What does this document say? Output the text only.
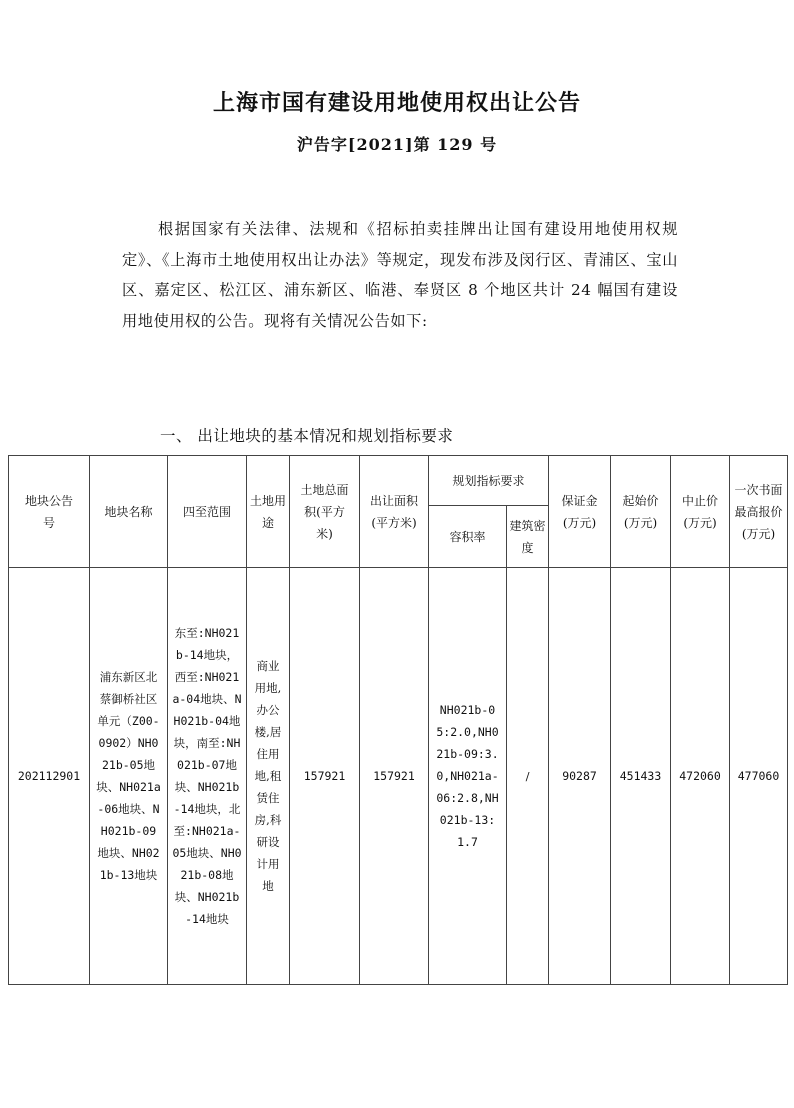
上海市国有建设用地使用权出让公告
沪告字[2021]第 129 号

根据国家有关法律、法规和《招标拍卖挂牌出让国有建设用地使用权规定》、《上海市土地使用权出让办法》等规定，现发布涉及闵行区、青浦区、宝山区、嘉定区、松江区、浦东新区、临港、奉贤区 8 个地区共计 24 幅国有建设用地使用权的公告。现将有关情况公告如下:

一、 出让地块的基本情况和规划指标要求
地块公告号	地块名称	四至范围	土地用途	土地总面积(平方米)	出让面积(平方米)	规划指标要求		保证金(万元)	起始价(万元)	中止价(万元)	一次书面最高报价(万元)
						容积率	建筑密度				
202112901	浦东新区北蔡御桥社区单元（Z00-0902）NH021b-05地块、NH021a-06地块、NH021b-09地块、NH021b-13地块	东至:NH021b-14地块，西至:NH021a-04地块、NH021b-04地块，南至:NH021b-07地块、NH021b-14地块，北至:NH021a-05地块、NH021b-08地块、NH021b-14地块	商业用地,办公楼,居住用地,租赁住房,科研设计用地	157921	157921	NH021b-05:2.0,NH021b-09:3.0,NH021a-06:2.8,NH021b-13: 1.7	/	90287	451433	472060	477060
